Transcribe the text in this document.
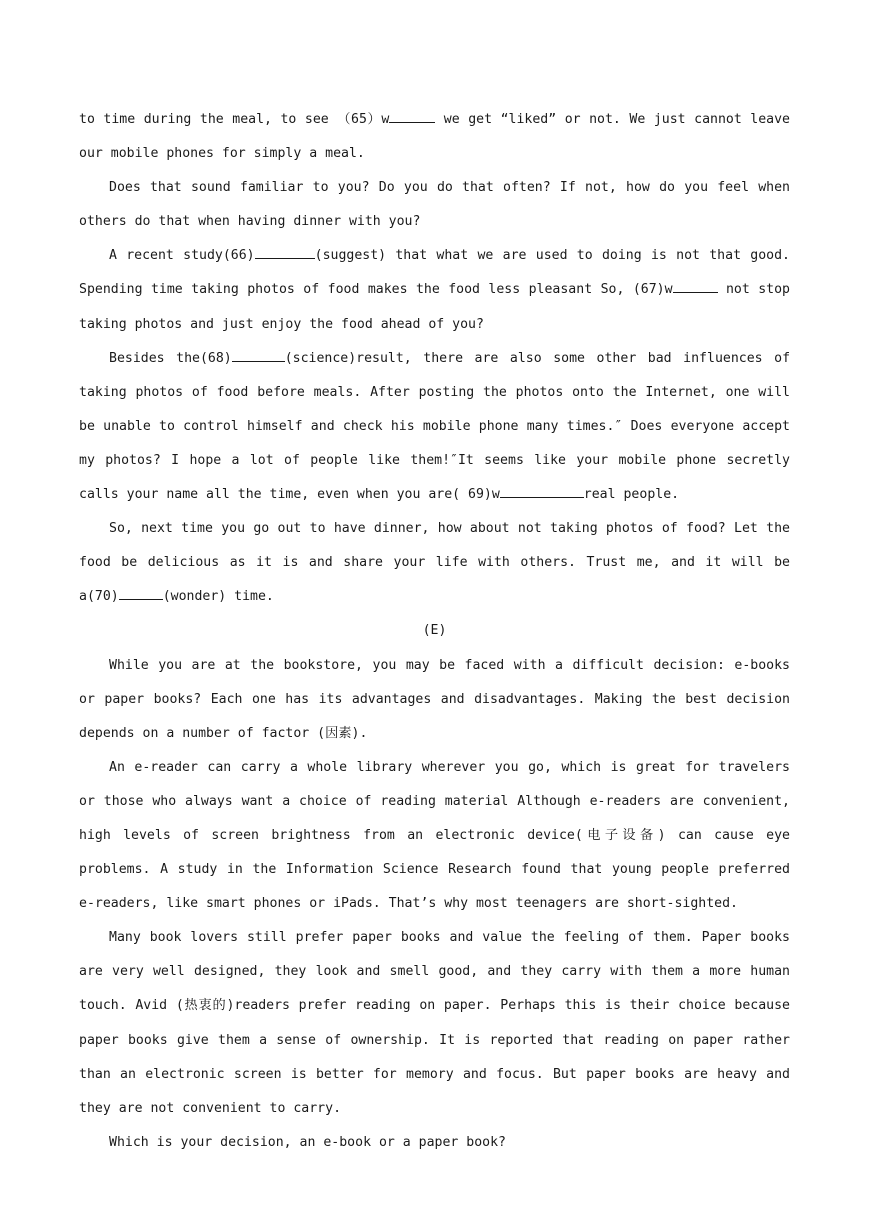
to time during the meal, to see （65）w	we get “liked” or not. We just cannot leave our mobile phones for simply a meal.

Does that sound familiar to you? Do you do that often? If not, how do you feel when others do that when having dinner with you?

A recent study(66)	(suggest) that what we are used to doing is not that good. Spending time taking photos of food makes the food less pleasant So, (67)w	not stop taking photos and just enjoy the food ahead of you?

Besides the(68)	(science)result, there are also some other bad influences of taking photos of food before meals. After posting the photos onto the Internet, one will be unable to control himself and check his mobile phone many times.″ Does everyone accept my photos? I hope a lot of people like them!″It seems like your mobile phone secretly calls your name all the time, even when you are( 69)w	real people.

So, next time you go out to have dinner, how about not taking photos of food? Let the food be delicious as it is and share your life with others. Trust me, and it will be a(70)	(wonder) time.

(E)

While you are at the bookstore, you may be faced with a difficult decision: e-books or paper books? Each one has its advantages and disadvantages. Making the best decision depends on a number of factor (因素).

An e-reader can carry a whole library wherever you go, which is great for travelers or those who always want a choice of reading material Although e-readers are convenient, high levels of screen brightness from an electronic device(电子设备) can cause eye problems. A study in the Information Science Research found that young people preferred e-readers, like smart phones or iPads. That’s why most teenagers are short-sighted.

Many book lovers still prefer paper books and value the feeling of them. Paper books are very well designed, they look and smell good, and they carry with them a more human touch. Avid (热衷的)readers prefer reading on paper. Perhaps this is their choice because paper books give them a sense of ownership. It is reported that reading on paper rather than an electronic screen is better for memory and focus. But paper books are heavy and they are not convenient to carry.

Which is your decision, an e-book or a paper book?
